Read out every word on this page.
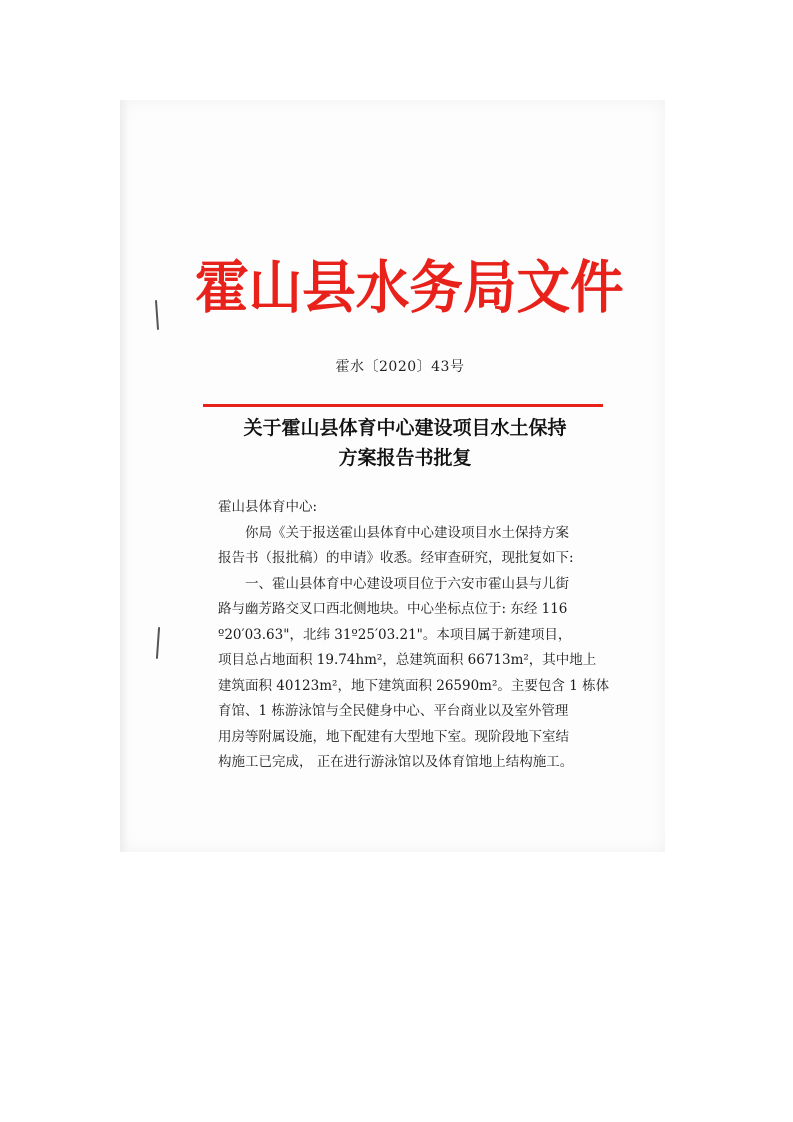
霍山县水务局文件
霍水〔2020〕43号
关于霍山县体育中心建设项目水土保持
方案报告书批复
霍山县体育中心:
你局《关于报送霍山县体育中心建设项目水土保持方案
报告书（报批稿）的申请》收悉。经审查研究，现批复如下:
一、霍山县体育中心建设项目位于六安市霍山县与儿街
路与幽芳路交叉口西北侧地块。中心坐标点位于: 东经 116
º20′03.63"，北纬 31º25′03.21"。本项目属于新建项目，
项目总占地面积 19.74hm²，总建筑面积 66713m²，其中地上
建筑面积 40123m²，地下建筑面积 26590m²。主要包含 1 栋体
育馆、1 栋游泳馆与全民健身中心、平台商业以及室外管理
用房等附属设施，地下配建有大型地下室。现阶段地下室结
构施工已完成， 正在进行游泳馆以及体育馆地上结构施工。
